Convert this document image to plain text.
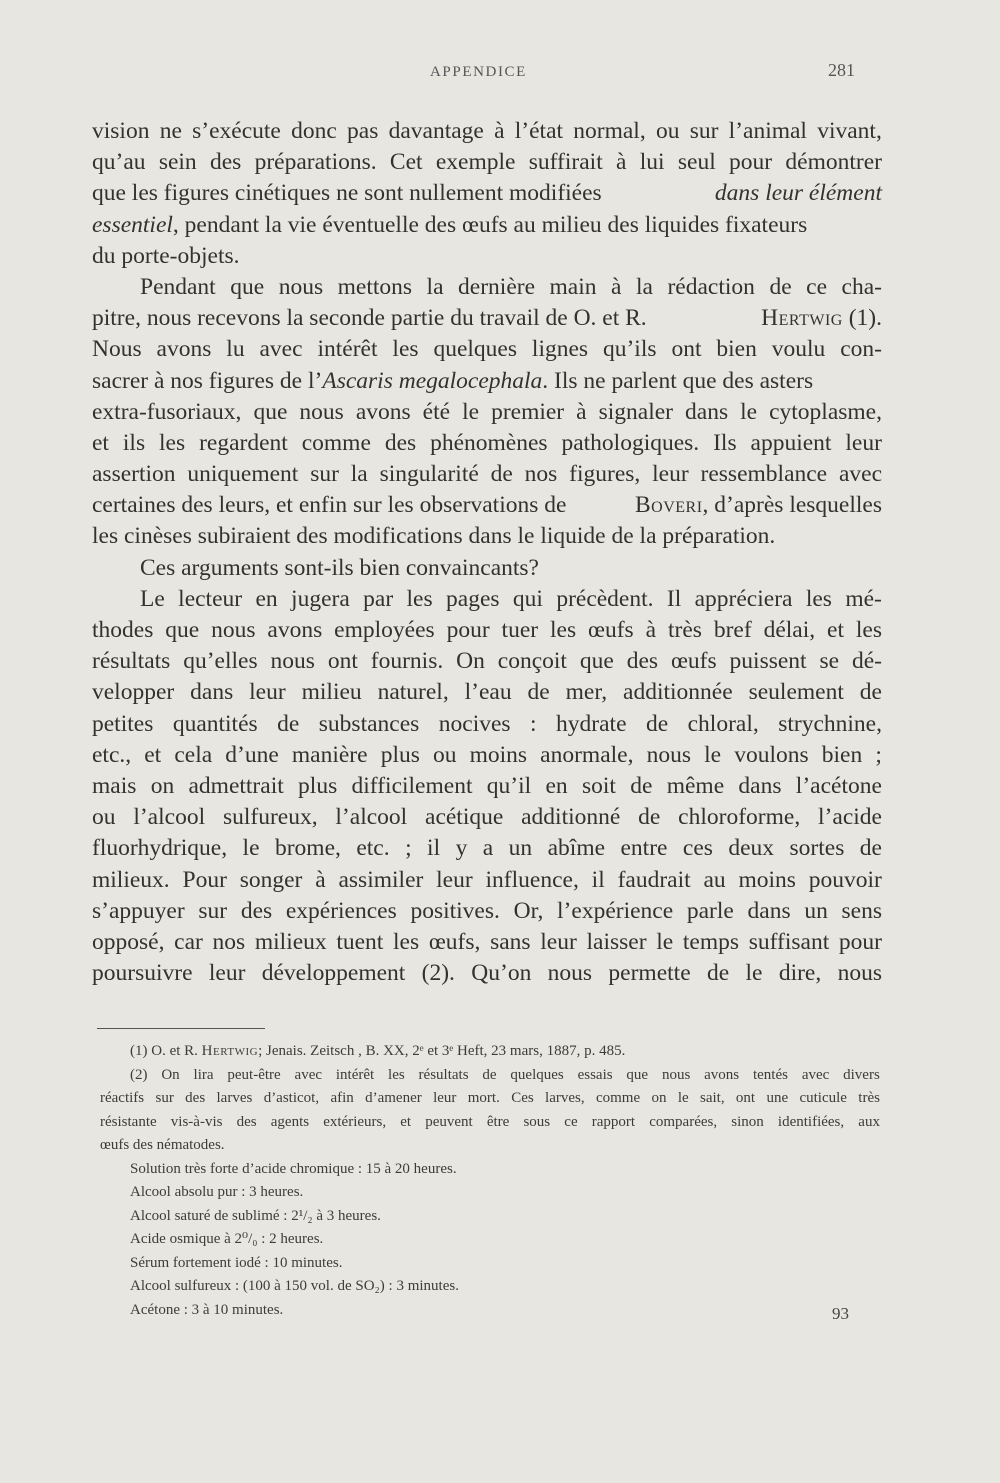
APPENDICE	281
vision ne s’exécute donc pas davantage à l’état normal, ou sur l’animal vivant,
qu’au sein des préparations. Cet exemple suffirait à lui seul pour démontrer
que les figures cinétiques ne sont nullement modifiées	dans leur élément
essentiel, pendant la vie éventuelle des œufs au milieu des liquides fixateurs
du porte-objets.
Pendant que nous mettons la dernière main à la rédaction de ce cha-
pitre, nous recevons la seconde partie du travail de O. et R.	Hertwig (1).
Nous avons lu avec intérêt les quelques lignes qu’ils ont bien voulu con-
sacrer à nos figures de l’Ascaris megalocephala. Ils ne parlent que des asters
extra-fusoriaux, que nous avons été le premier à signaler dans le cytoplasme,
et ils les regardent comme des phénomènes pathologiques. Ils appuient leur
assertion uniquement sur la singularité de nos figures, leur ressemblance avec
certaines des leurs, et enfin sur les observations de	Boveri, d’après lesquelles
les cinèses subiraient des modifications dans le liquide de la préparation.
Ces arguments sont-ils bien convaincants?
Le lecteur en jugera par les pages qui précèdent. Il appréciera les mé-
thodes que nous avons employées pour tuer les œufs à très bref délai, et les
résultats qu’elles nous ont fournis. On conçoit que des œufs puissent se dé-
velopper dans leur milieu naturel, l’eau de mer, additionnée seulement de
petites quantités de substances nocives : hydrate de chloral, strychnine,
etc., et cela d’une manière plus ou moins anormale, nous le voulons bien ;
mais on admettrait plus difficilement qu’il en soit de même dans l’acétone
ou l’alcool sulfureux, l’alcool acétique additionné de chloroforme, l’acide
fluorhydrique, le brome, etc. ; il y a un abîme entre ces deux sortes de
milieux. Pour songer à assimiler leur influence, il faudrait au moins pouvoir
s’appuyer sur des expériences positives. Or, l’expérience parle dans un sens
opposé, car nos milieux tuent les œufs, sans leur laisser le temps suffisant pour
poursuivre leur développement (2). Qu’on nous permette de le dire, nous
(1) O. et R. Hertwig; Jenais. Zeitsch , B. XX, 2ᵉ et 3ᵉ Heft, 23 mars, 1887, p. 485.
(2) On lira peut-être avec intérêt les résultats de quelques essais que nous avons tentés avec divers
réactifs sur des larves d’asticot, afin d’amener leur mort. Ces larves, comme on le sait, ont une cuticule très
résistante vis-à-vis des agents extérieurs, et peuvent être sous ce rapport comparées, sinon identifiées, aux
œufs des nématodes.
Solution très forte d’acide chromique : 15 à 20 heures.
Alcool absolu pur : 3 heures.
Alcool saturé de sublimé : 2¹/₂ à 3 heures.
Acide osmique à 2⁰/₀ : 2 heures.
Sérum fortement iodé : 10 minutes.
Alcool sulfureux : (100 à 150 vol. de SO₂) : 3 minutes.
Acétone : 3 à 10 minutes.	93
